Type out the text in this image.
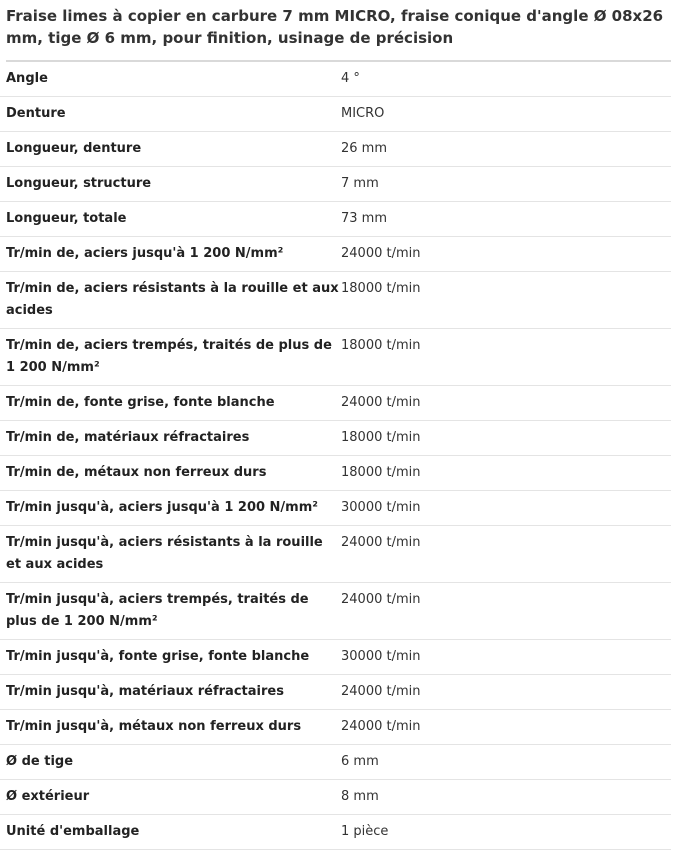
Fraise limes à copier en carbure 7 mm MICRO, fraise conique d'angle Ø 08x26 mm, tige Ø 6 mm, pour finition, usinage de précision
Angle	4 °
Denture	MICRO
Longueur, denture	26 mm
Longueur, structure	7 mm
Longueur, totale	73 mm
Tr/min de, aciers jusqu'à 1 200 N/mm²	24000 t/min
Tr/min de, aciers résistants à la rouille et aux acides	18000 t/min
Tr/min de, aciers trempés, traités de plus de 1 200 N/mm²	18000 t/min
Tr/min de, fonte grise, fonte blanche	24000 t/min
Tr/min de, matériaux réfractaires	18000 t/min
Tr/min de, métaux non ferreux durs	18000 t/min
Tr/min jusqu'à, aciers jusqu'à 1 200 N/mm²	30000 t/min
Tr/min jusqu'à, aciers résistants à la rouille et aux acides	24000 t/min
Tr/min jusqu'à, aciers trempés, traités de plus de 1 200 N/mm²	24000 t/min
Tr/min jusqu'à, fonte grise, fonte blanche	30000 t/min
Tr/min jusqu'à, matériaux réfractaires	24000 t/min
Tr/min jusqu'à, métaux non ferreux durs	24000 t/min
Ø de tige	6 mm
Ø extérieur	8 mm
Unité d'emballage	1 pièce
